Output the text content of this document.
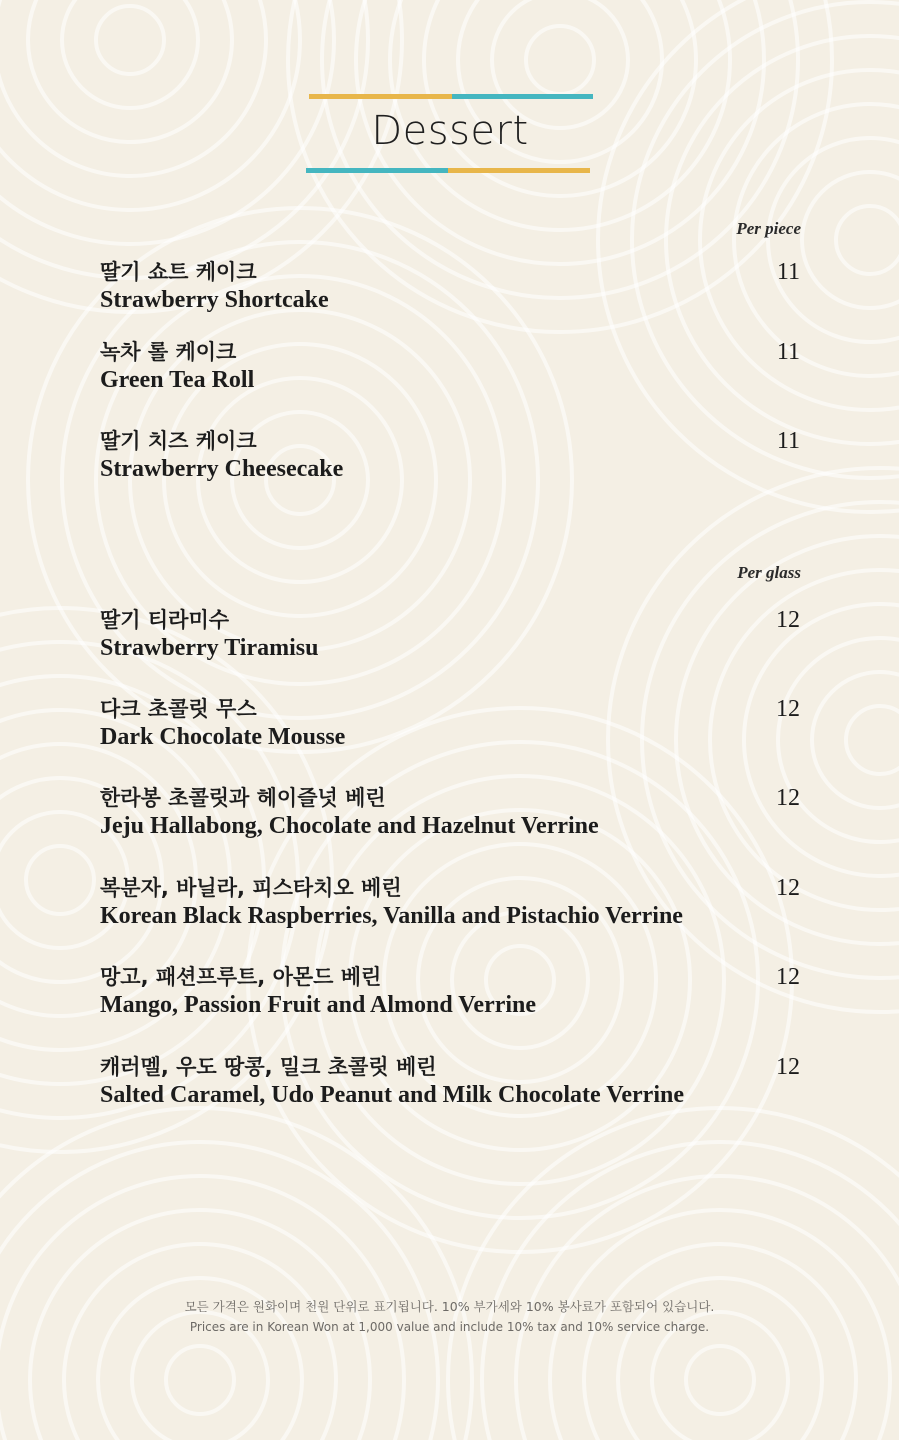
Dessert
Per piece
딸기 쇼트 케이크
Strawberry Shortcake
11
녹차 롤 케이크
Green Tea Roll
11
딸기 치즈 케이크
Strawberry Cheesecake
11
Per glass
딸기 티라미수
Strawberry Tiramisu
12
다크 초콜릿 무스
Dark Chocolate Mousse
12
한라봉 초콜릿과 헤이즐넛 베린
Jeju Hallabong, Chocolate and Hazelnut Verrine
12
복분자, 바닐라, 피스타치오 베린
Korean Black Raspberries, Vanilla and Pistachio Verrine
12
망고, 패션프루트, 아몬드 베린
Mango, Passion Fruit and Almond Verrine
12
캐러멜, 우도 땅콩, 밀크 초콜릿 베린
Salted Caramel, Udo Peanut and Milk Chocolate Verrine
12
모든 가격은 원화이며 천원 단위로 표기됩니다. 10% 부가세와 10% 봉사료가 포함되어 있습니다.
Prices are in Korean Won at 1,000 value and include 10% tax and 10% service charge.
